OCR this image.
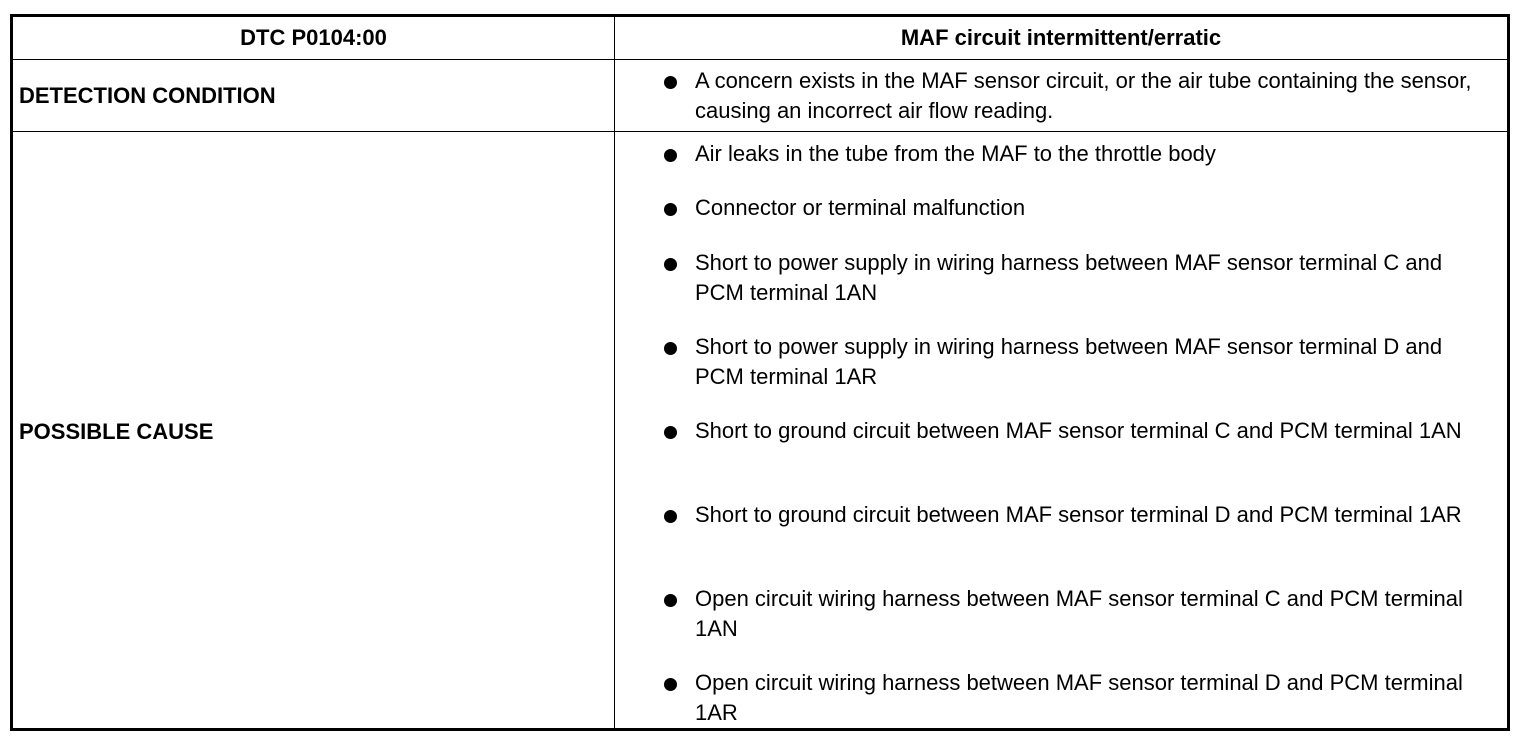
DTC P0104:00	MAF circuit intermittent/erratic
DETECTION CONDITION
A concern exists in the MAF sensor circuit, or the air tube containing the sensor, causing an incorrect air flow reading.
POSSIBLE CAUSE
Air leaks in the tube from the MAF to the throttle body
Connector or terminal malfunction
Short to power supply in wiring harness between MAF sensor terminal C and PCM terminal 1AN
Short to power supply in wiring harness between MAF sensor terminal D and PCM terminal 1AR
Short to ground circuit between MAF sensor terminal C and PCM terminal 1AN
Short to ground circuit between MAF sensor terminal D and PCM terminal 1AR
Open circuit wiring harness between MAF sensor terminal C and PCM terminal 1AN
Open circuit wiring harness between MAF sensor terminal D and PCM terminal 1AR
